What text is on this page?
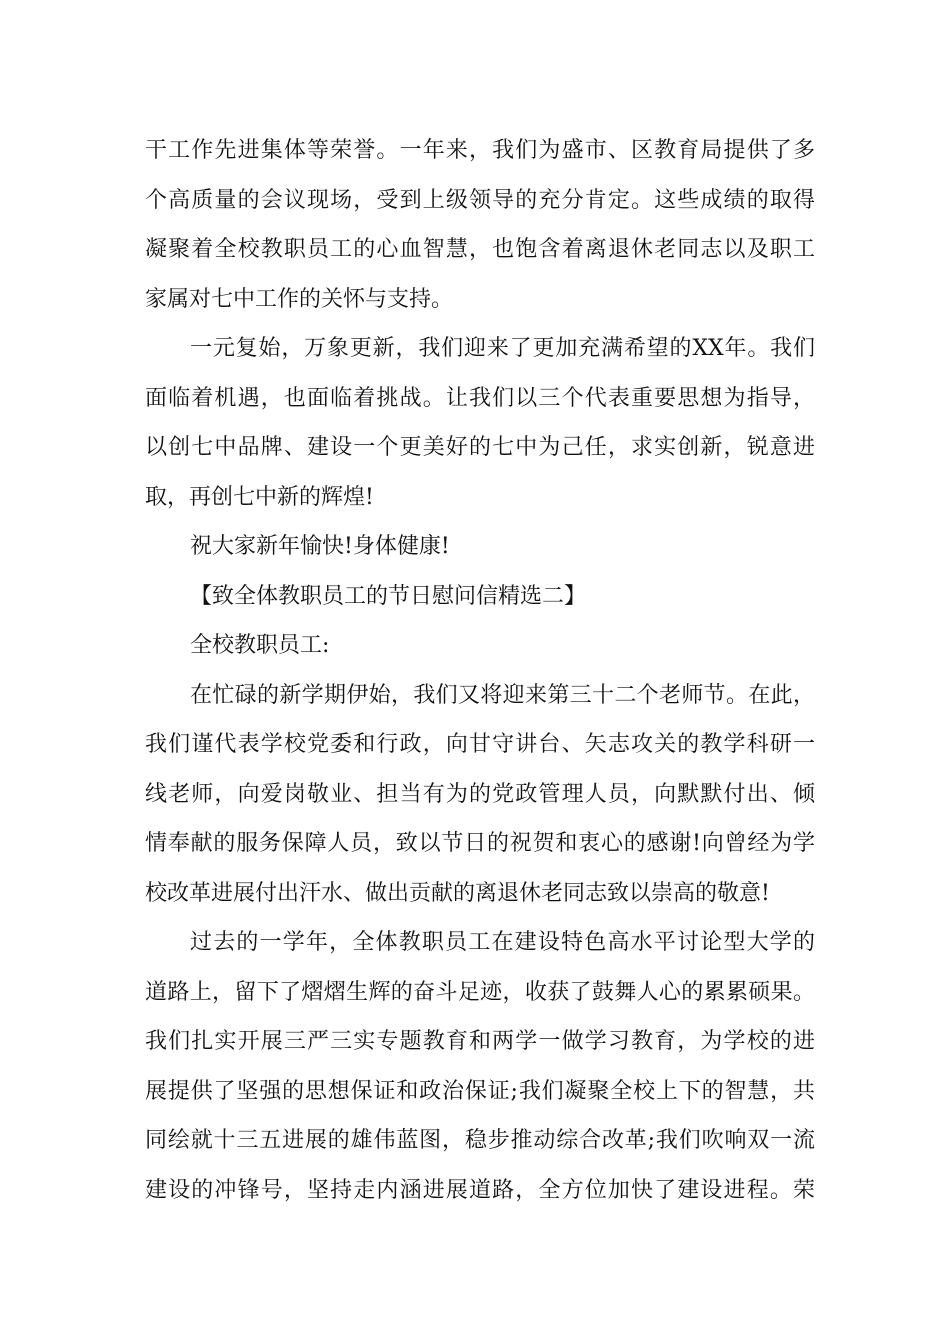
干工作先进集体等荣誉。一年来，我们为盛市、区教育局提供了多
个高质量的会议现场，受到上级领导的充分肯定。这些成绩的取得
凝聚着全校教职员工的心血智慧，也饱含着离退休老同志以及职工
家属对七中工作的关怀与支持。
一元复始，万象更新，我们迎来了更加充满希望的XX年。我们
面临着机遇，也面临着挑战。让我们以三个代表重要思想为指导，
以创七中品牌、建设一个更美好的七中为己任，求实创新，锐意进
取，再创七中新的辉煌!
祝大家新年愉快!身体健康!
【致全体教职员工的节日慰问信精选二】
全校教职员工:
在忙碌的新学期伊始，我们又将迎来第三十二个老师节。在此，
我们谨代表学校党委和行政，向甘守讲台、矢志攻关的教学科研一
线老师，向爱岗敬业、担当有为的党政管理人员，向默默付出、倾
情奉献的服务保障人员，致以节日的祝贺和衷心的感谢!向曾经为学
校改革进展付出汗水、做出贡献的离退休老同志致以崇高的敬意!
过去的一学年，全体教职员工在建设特色高水平讨论型大学的
道路上，留下了熠熠生辉的奋斗足迹，收获了鼓舞人心的累累硕果。
我们扎实开展三严三实专题教育和两学一做学习教育，为学校的进
展提供了坚强的思想保证和政治保证;我们凝聚全校上下的智慧，共
同绘就十三五进展的雄伟蓝图，稳步推动综合改革;我们吹响双一流
建设的冲锋号，坚持走内涵进展道路，全方位加快了建设进程。荣
